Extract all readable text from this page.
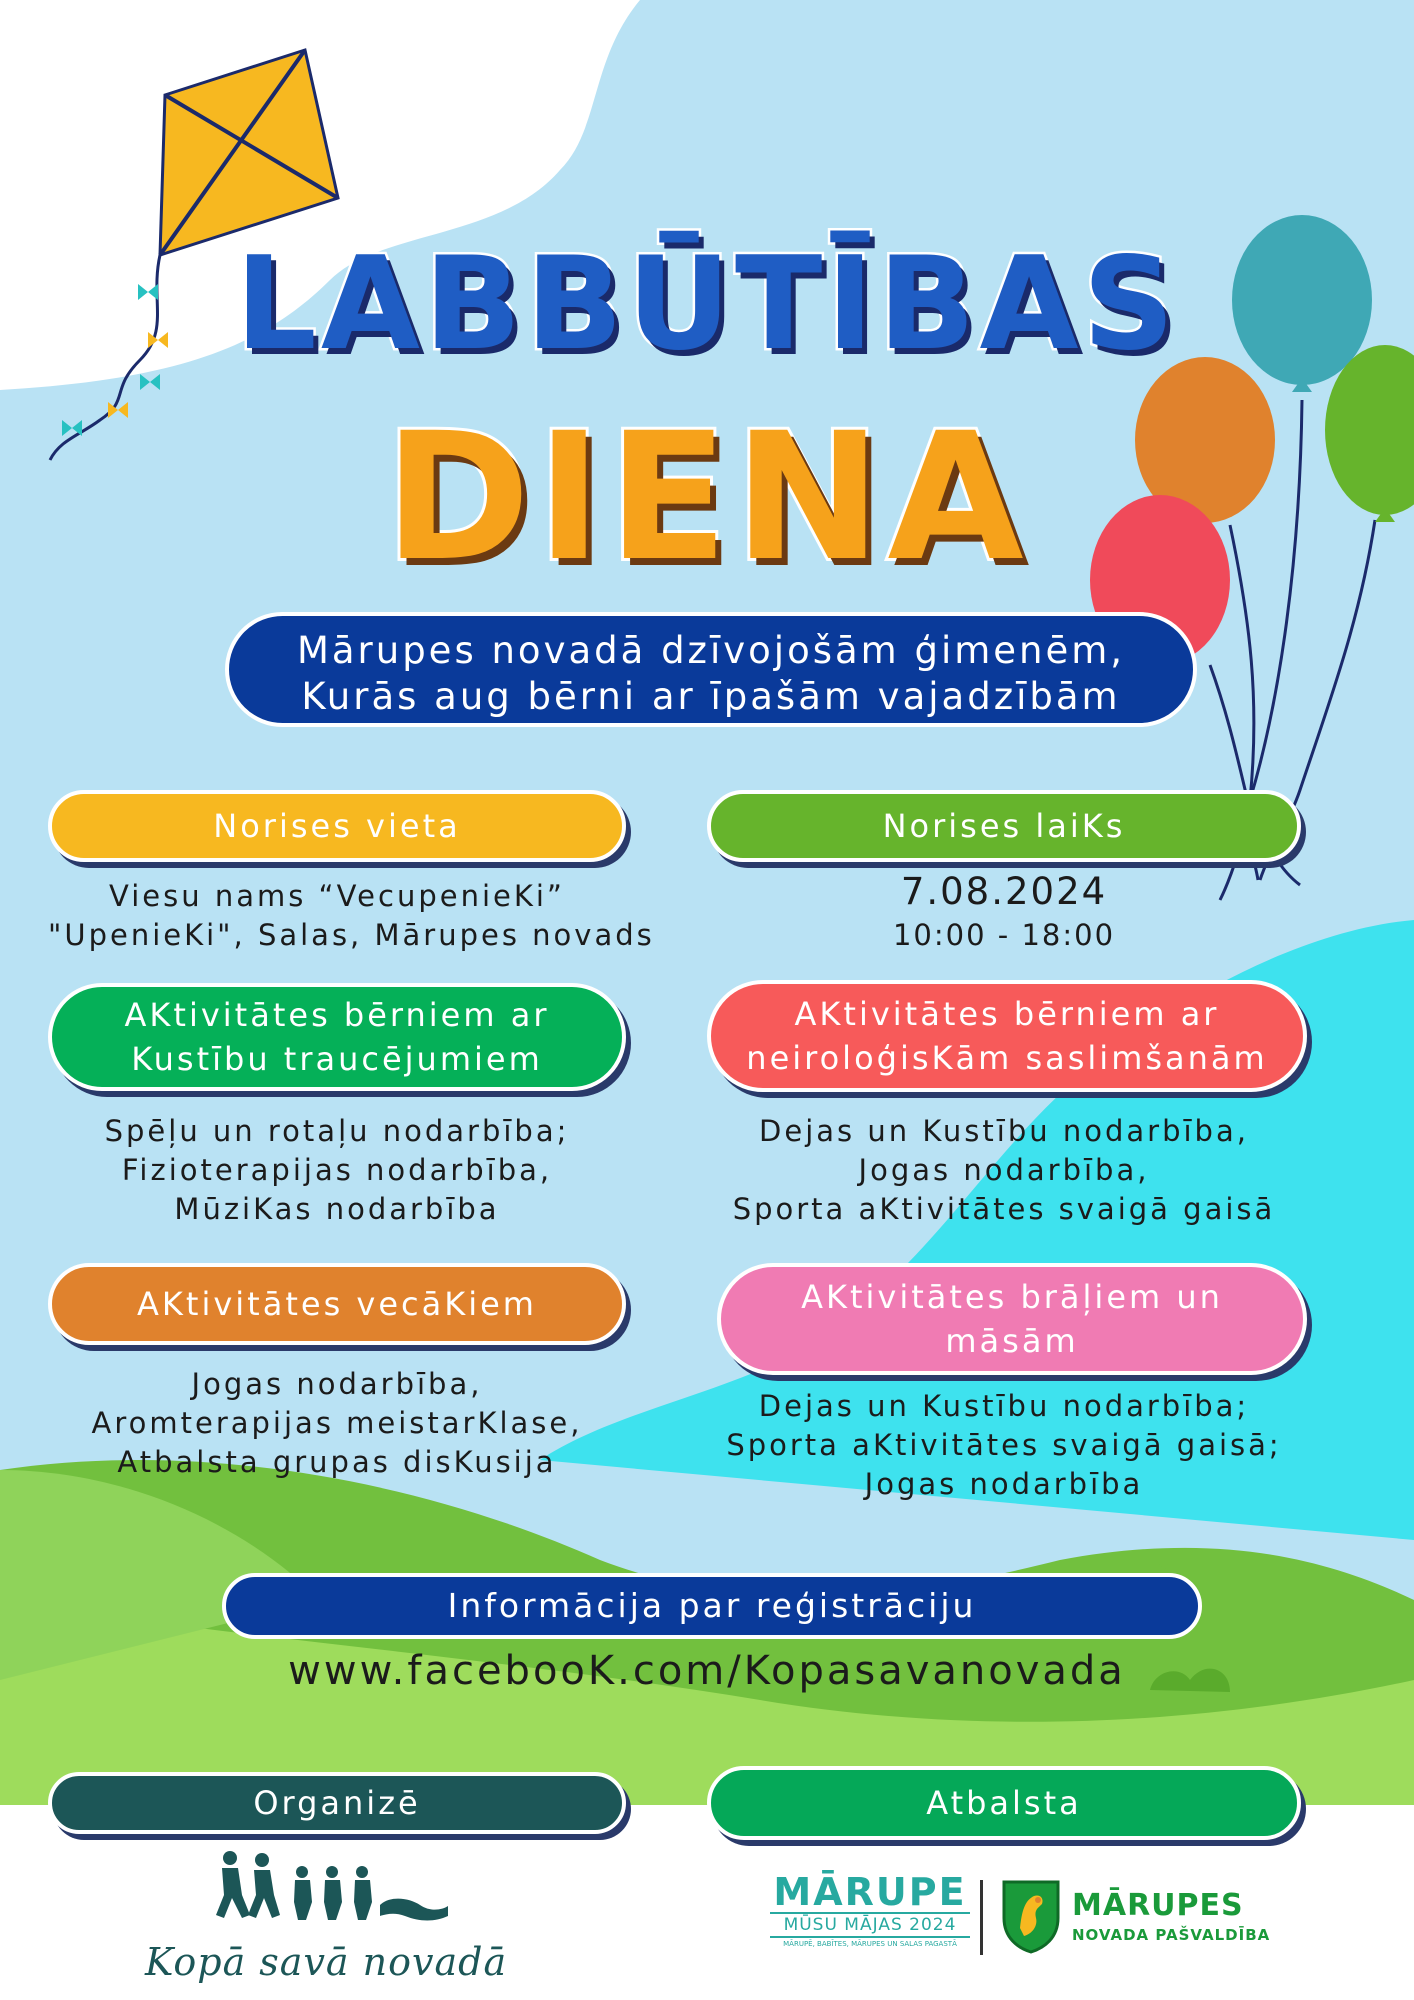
LABBŪTĪBAS
DIENA
Mārupes novadā dzīvojošām ģimenēm,
Kurās aug bērni ar īpašām vajadzībām
Norises vieta	Norises laiKs
Viesu nams “VecupenieKi”
"UpenieKi", Salas, Mārupes novads
7.08.2024
10:00 - 18:00
AKtivitātes bērniem ar
Kustību traucējumiem
AKtivitātes bērniem ar
neiroloģisKām saslimšanām
Spēļu un rotaļu nodarbība;
Fizioterapijas nodarbība,
MūziKas nodarbība
Dejas un Kustību nodarbība,
Jogas nodarbība,
Sporta aKtivitātes svaigā gaisā
AKtivitātes vecāKiem	AKtivitātes brāļiem un
māsām
Jogas nodarbība,
Aromterapijas meistarKlase,
Atbalsta grupas disKusija
Dejas un Kustību nodarbība;
Sporta aKtivitātes svaigā gaisā;
Jogas nodarbība
Informācija par reģistrāciju
www.facebooK.com/Kopasavanovada
Organizē	Atbalsta
Kopā savā novadā
MĀRUPE
MŪSU MĀJAS 2024
MĀRUPĒ, BABĪTES, MĀRUPES UN SALAS PAGASTĀ
MĀRUPES
NOVADA PAŠVALDĪBA
